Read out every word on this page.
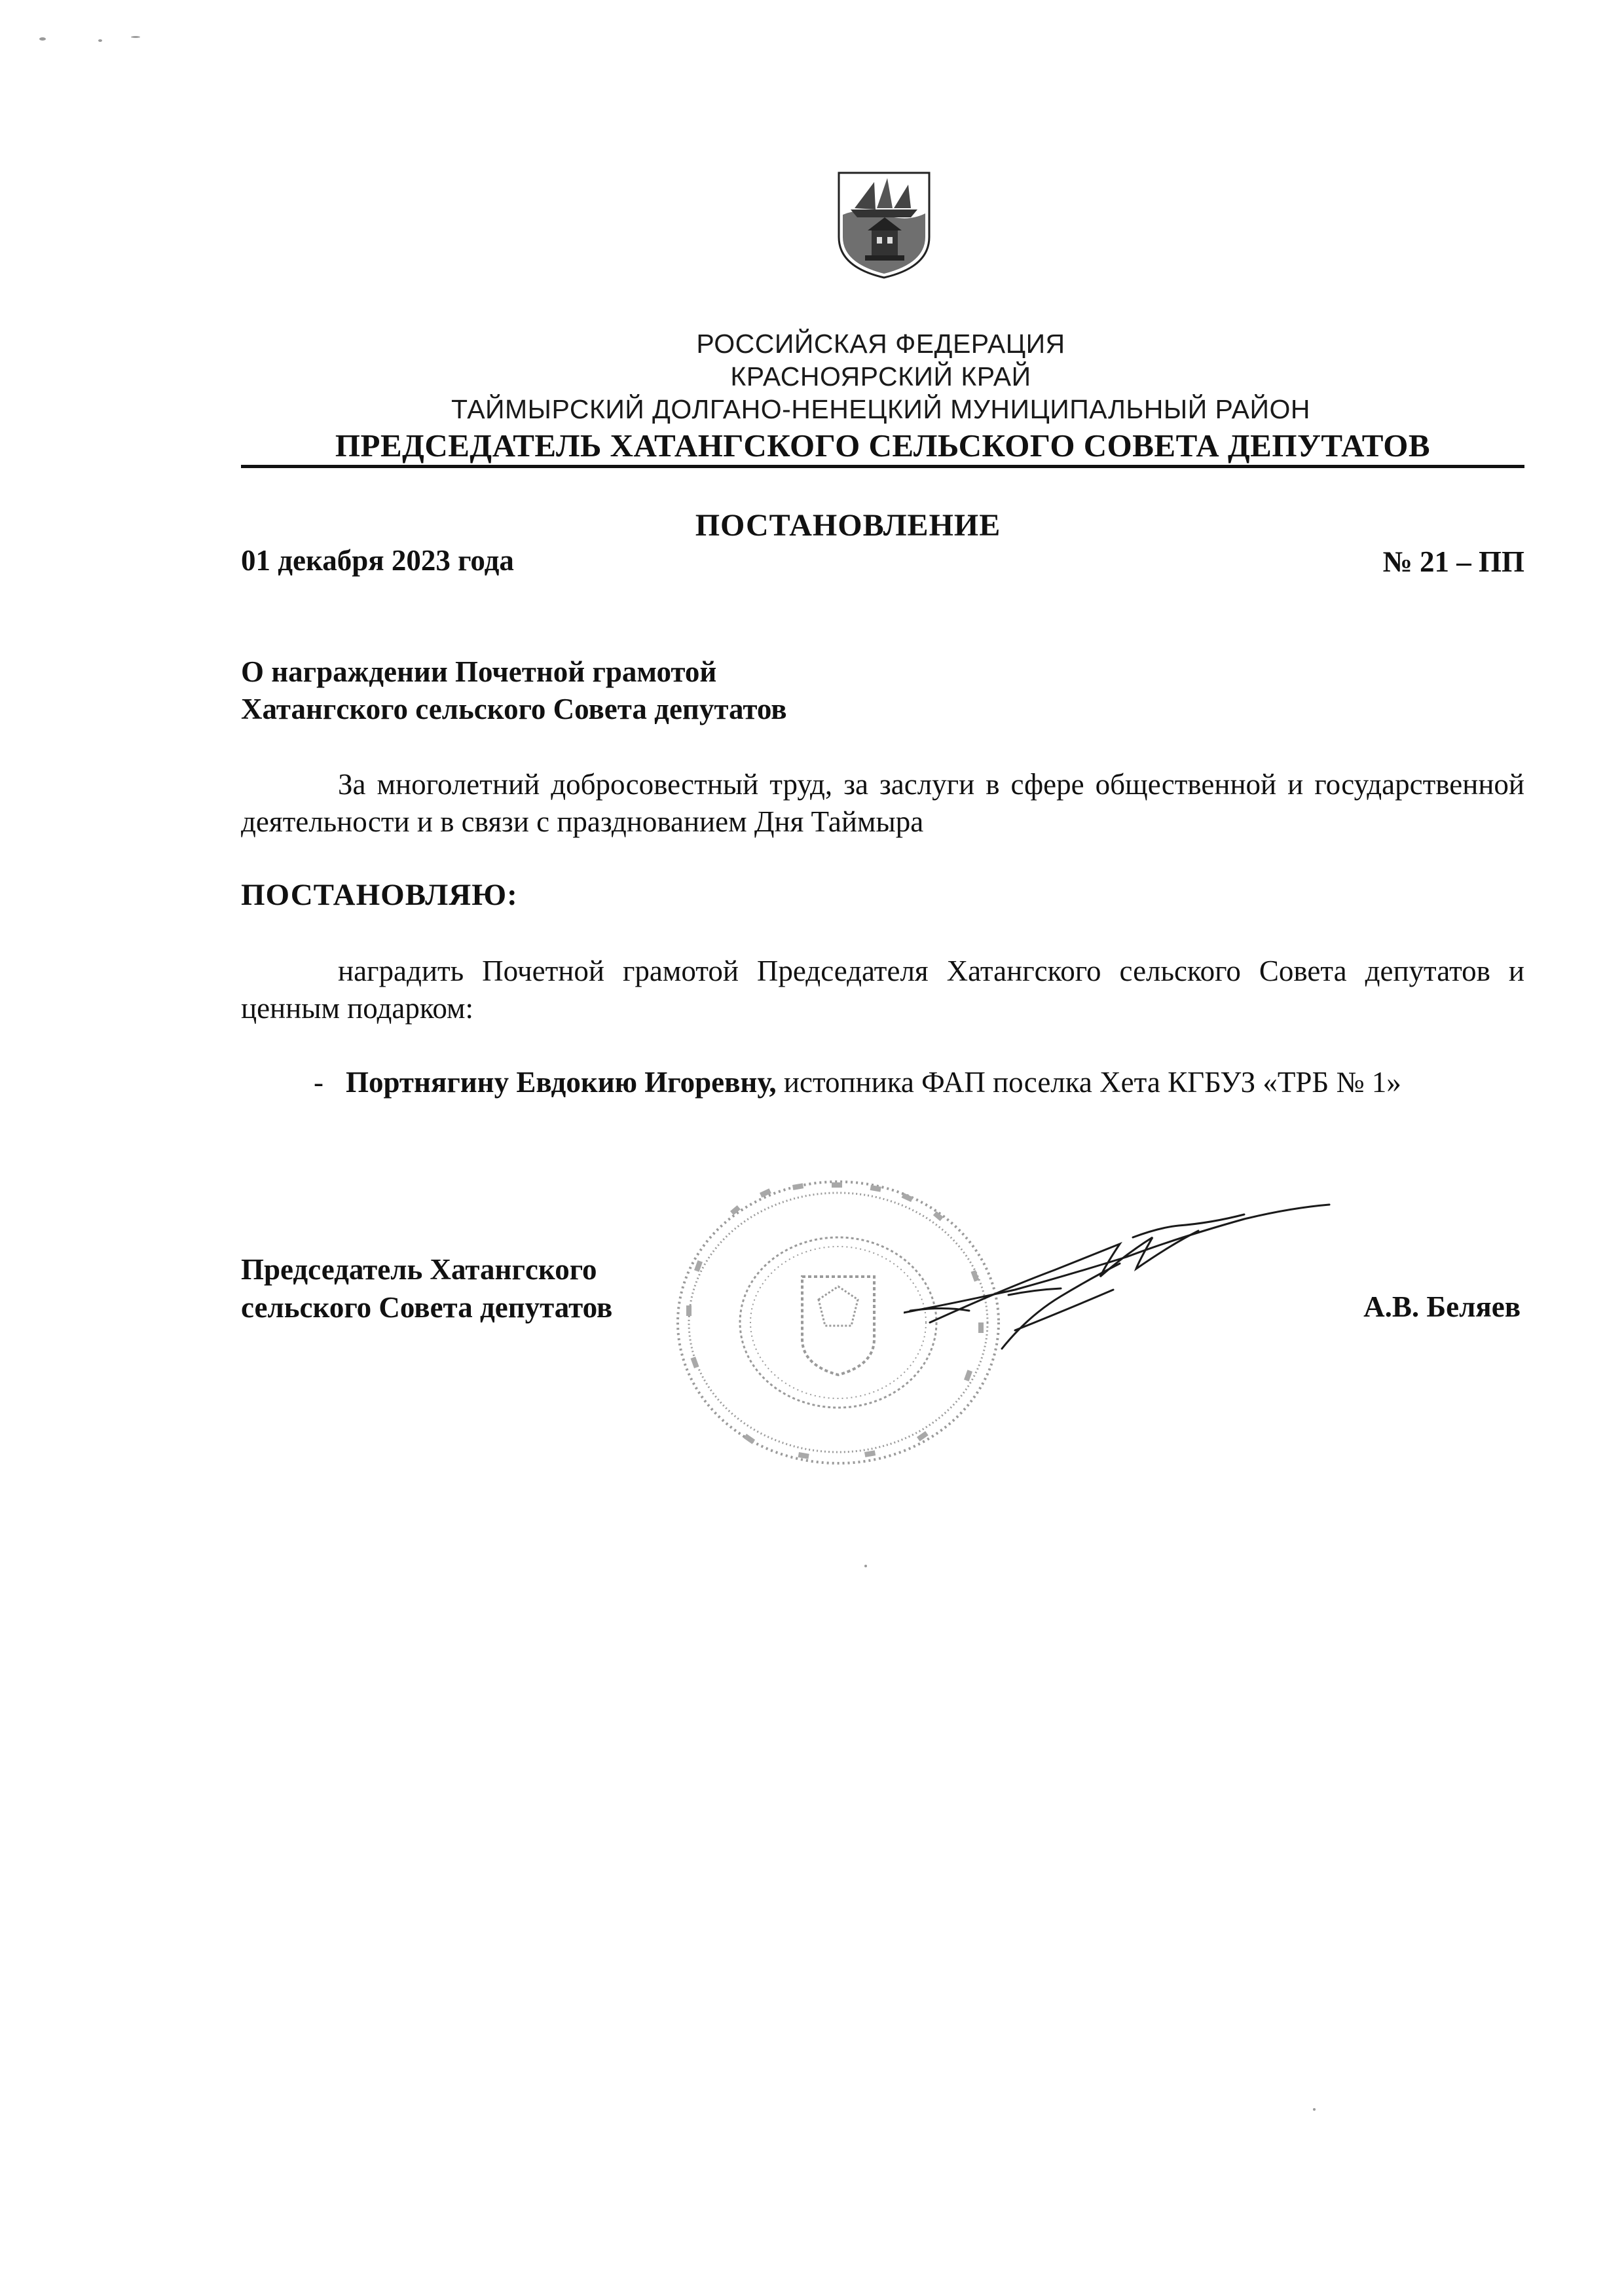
РОССИЙСКАЯ ФЕДЕРАЦИЯ
КРАСНОЯРСКИЙ КРАЙ
ТАЙМЫРСКИЙ ДОЛГАНО-НЕНЕЦКИЙ МУНИЦИПАЛЬНЫЙ РАЙОН
ПРЕДСЕДАТЕЛЬ ХАТАНГСКОГО СЕЛЬСКОГО СОВЕТА ДЕПУТАТОВ
ПОСТАНОВЛЕНИЕ
01 декабря 2023 года	№ 21 – ПП
О награждении Почетной грамотой
Хатангского сельского Совета депутатов
За многолетний добросовестный труд, за заслуги в сфере общественной и государственной деятельности и в связи с празднованием Дня Таймыра
ПОСТАНОВЛЯЮ:
наградить Почетной грамотой Председателя Хатангского сельского Совета депутатов и ценным подарком:
- Портнягину Евдокию Игоревну, истопника ФАП поселка Хета КГБУЗ «ТРБ № 1»
Председатель Хатангского
сельского Совета депутатов	А.В. Беляев
